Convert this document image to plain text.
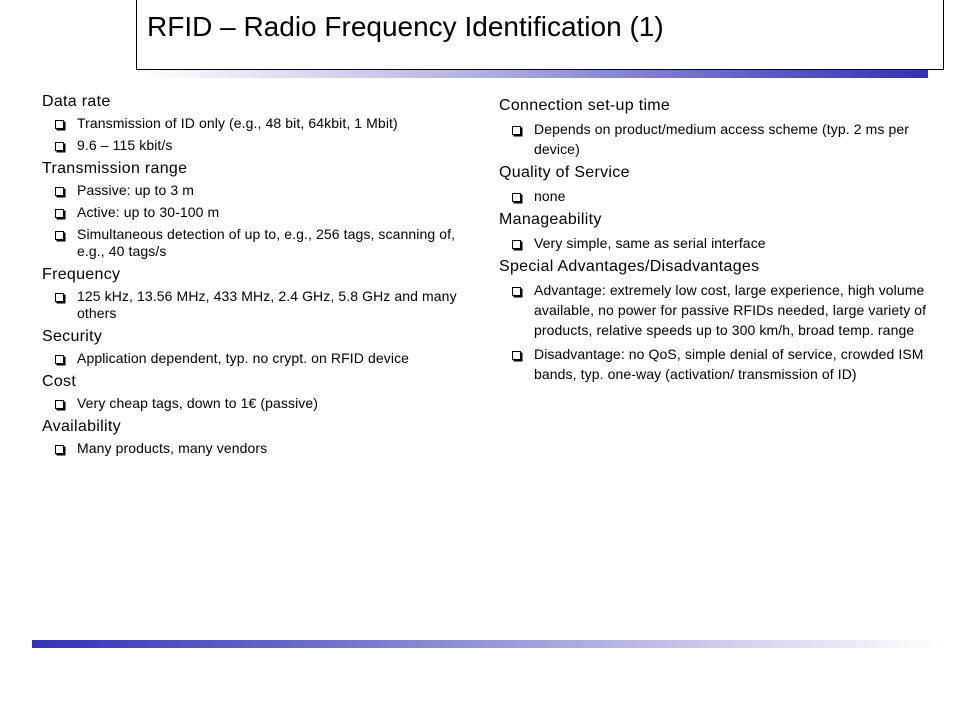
RFID – Radio Frequency Identification (1)
Data rate
Transmission of ID only (e.g., 48 bit, 64kbit, 1 Mbit)
9.6 – 115 kbit/s
Transmission range
Passive: up to 3 m
Active: up to 30-100 m
Simultaneous detection of up to, e.g., 256 tags, scanning of, e.g., 40 tags/s
Frequency
125 kHz, 13.56 MHz, 433 MHz, 2.4 GHz, 5.8 GHz and many others
Security
Application dependent, typ. no crypt. on RFID device
Cost
Very cheap tags, down to 1€ (passive)
Availability
Many products, many vendors
Connection set-up time
Depends on product/medium access scheme (typ. 2 ms per device)
Quality of Service
none
Manageability
Very simple, same as serial interface
Special Advantages/Disadvantages
Advantage: extremely low cost, large experience, high volume available, no power for passive RFIDs needed, large variety of products, relative speeds up to 300 km/h, broad temp. range
Disadvantage: no QoS, simple denial of service, crowded ISM bands, typ. one-way (activation/ transmission of ID)
